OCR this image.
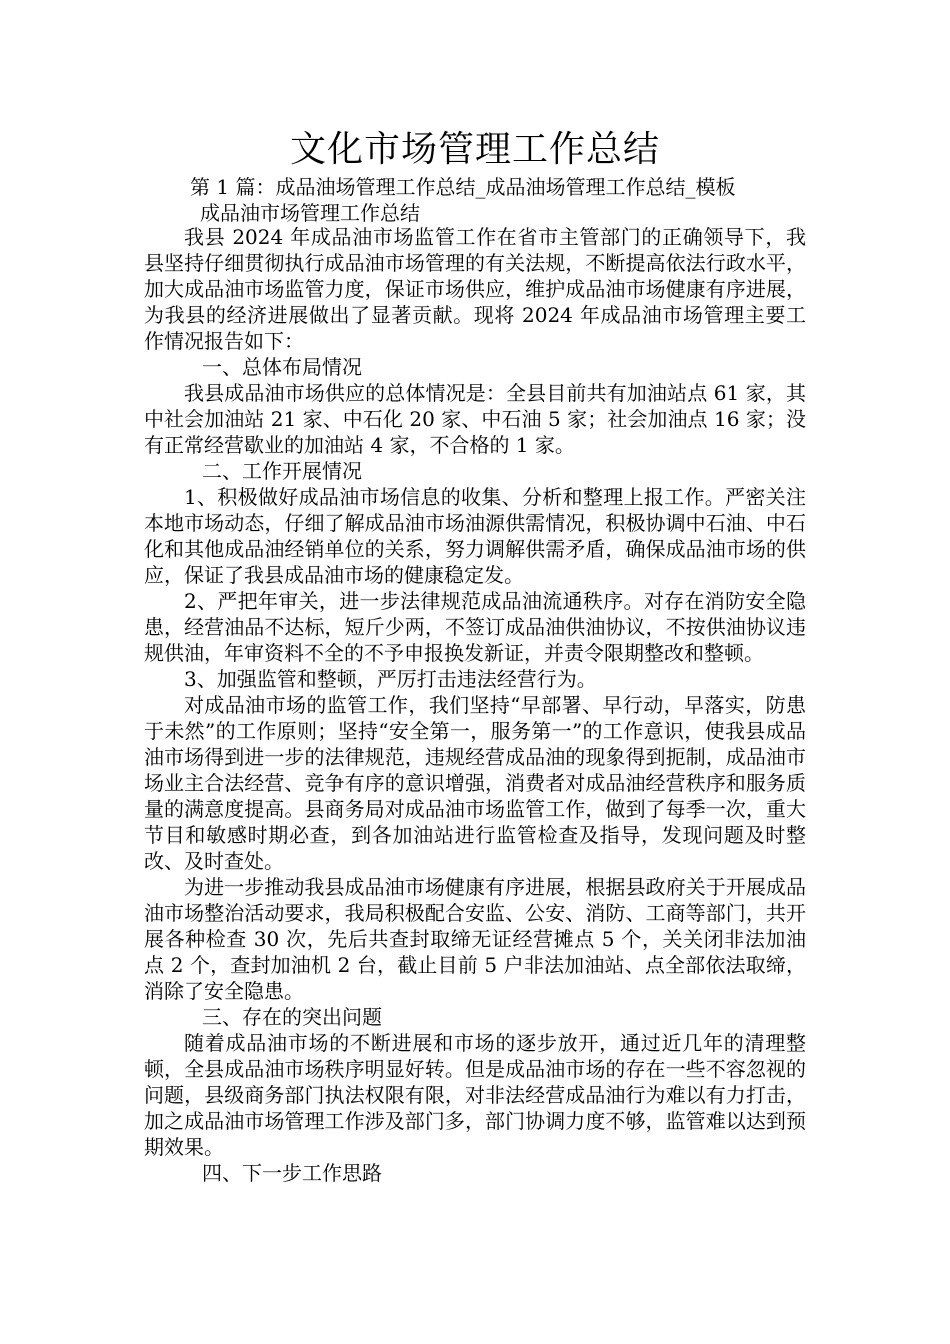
文化市场管理工作总结
第 1 篇：成品油场管理工作总结_成品油场管理工作总结_模板
成品油市场管理工作总结

我县 2024 年成品油市场监管工作在省市主管部门的正确领导下，我县坚持仔细贯彻执行成品油市场管理的有关法规，不断提高依法行政水平，加大成品油市场监管力度，保证市场供应，维护成品油市场健康有序进展，为我县的经济进展做出了显著贡献。现将 2024 年成品油市场管理主要工作情况报告如下：

一、总体布局情况

我县成品油市场供应的总体情况是：全县目前共有加油站点 61 家，其中社会加油站 21 家、中石化 20 家、中石油 5 家；社会加油点 16 家；没有正常经营歇业的加油站 4 家，不合格的 1 家。

二、工作开展情况

1、积极做好成品油市场信息的收集、分析和整理上报工作。严密关注本地市场动态，仔细了解成品油市场油源供需情况，积极协调中石油、中石化和其他成品油经销单位的关系，努力调解供需矛盾，确保成品油市场的供应，保证了我县成品油市场的健康稳定发。

2、严把年审关，进一步法律规范成品油流通秩序。对存在消防安全隐患，经营油品不达标，短斤少两，不签订成品油供油协议，不按供油协议违规供油，年审资料不全的不予申报换发新证，并责令限期整改和整顿。

3、加强监管和整顿，严厉打击违法经营行为。

对成品油市场的监管工作，我们坚持“早部署、早行动，早落实，防患于未然”的工作原则；坚持“安全第一，服务第一”的工作意识，使我县成品油市场得到进一步的法律规范，违规经营成品油的现象得到扼制，成品油市场业主合法经营、竞争有序的意识增强，消费者对成品油经营秩序和服务质量的满意度提高。县商务局对成品油市场监管工作，做到了每季一次，重大节目和敏感时期必查，到各加油站进行监管检查及指导，发现问题及时整改、及时查处。

为进一步推动我县成品油市场健康有序进展，根据县政府关于开展成品油市场整治活动要求，我局积极配合安监、公安、消防、工商等部门，共开展各种检查 30 次，先后共查封取缔无证经营摊点 5 个，关关闭非法加油点 2 个，查封加油机 2 台，截止目前 5 户非法加油站、点全部依法取缔，消除了安全隐患。

三、存在的突出问题

随着成品油市场的不断进展和市场的逐步放开，通过近几年的清理整顿，全县成品油市场秩序明显好转。但是成品油市场的存在一些不容忽视的问题，县级商务部门执法权限有限，对非法经营成品油行为难以有力打击，加之成品油市场管理工作涉及部门多，部门协调力度不够，监管难以达到预期效果。

四、下一步工作思路
